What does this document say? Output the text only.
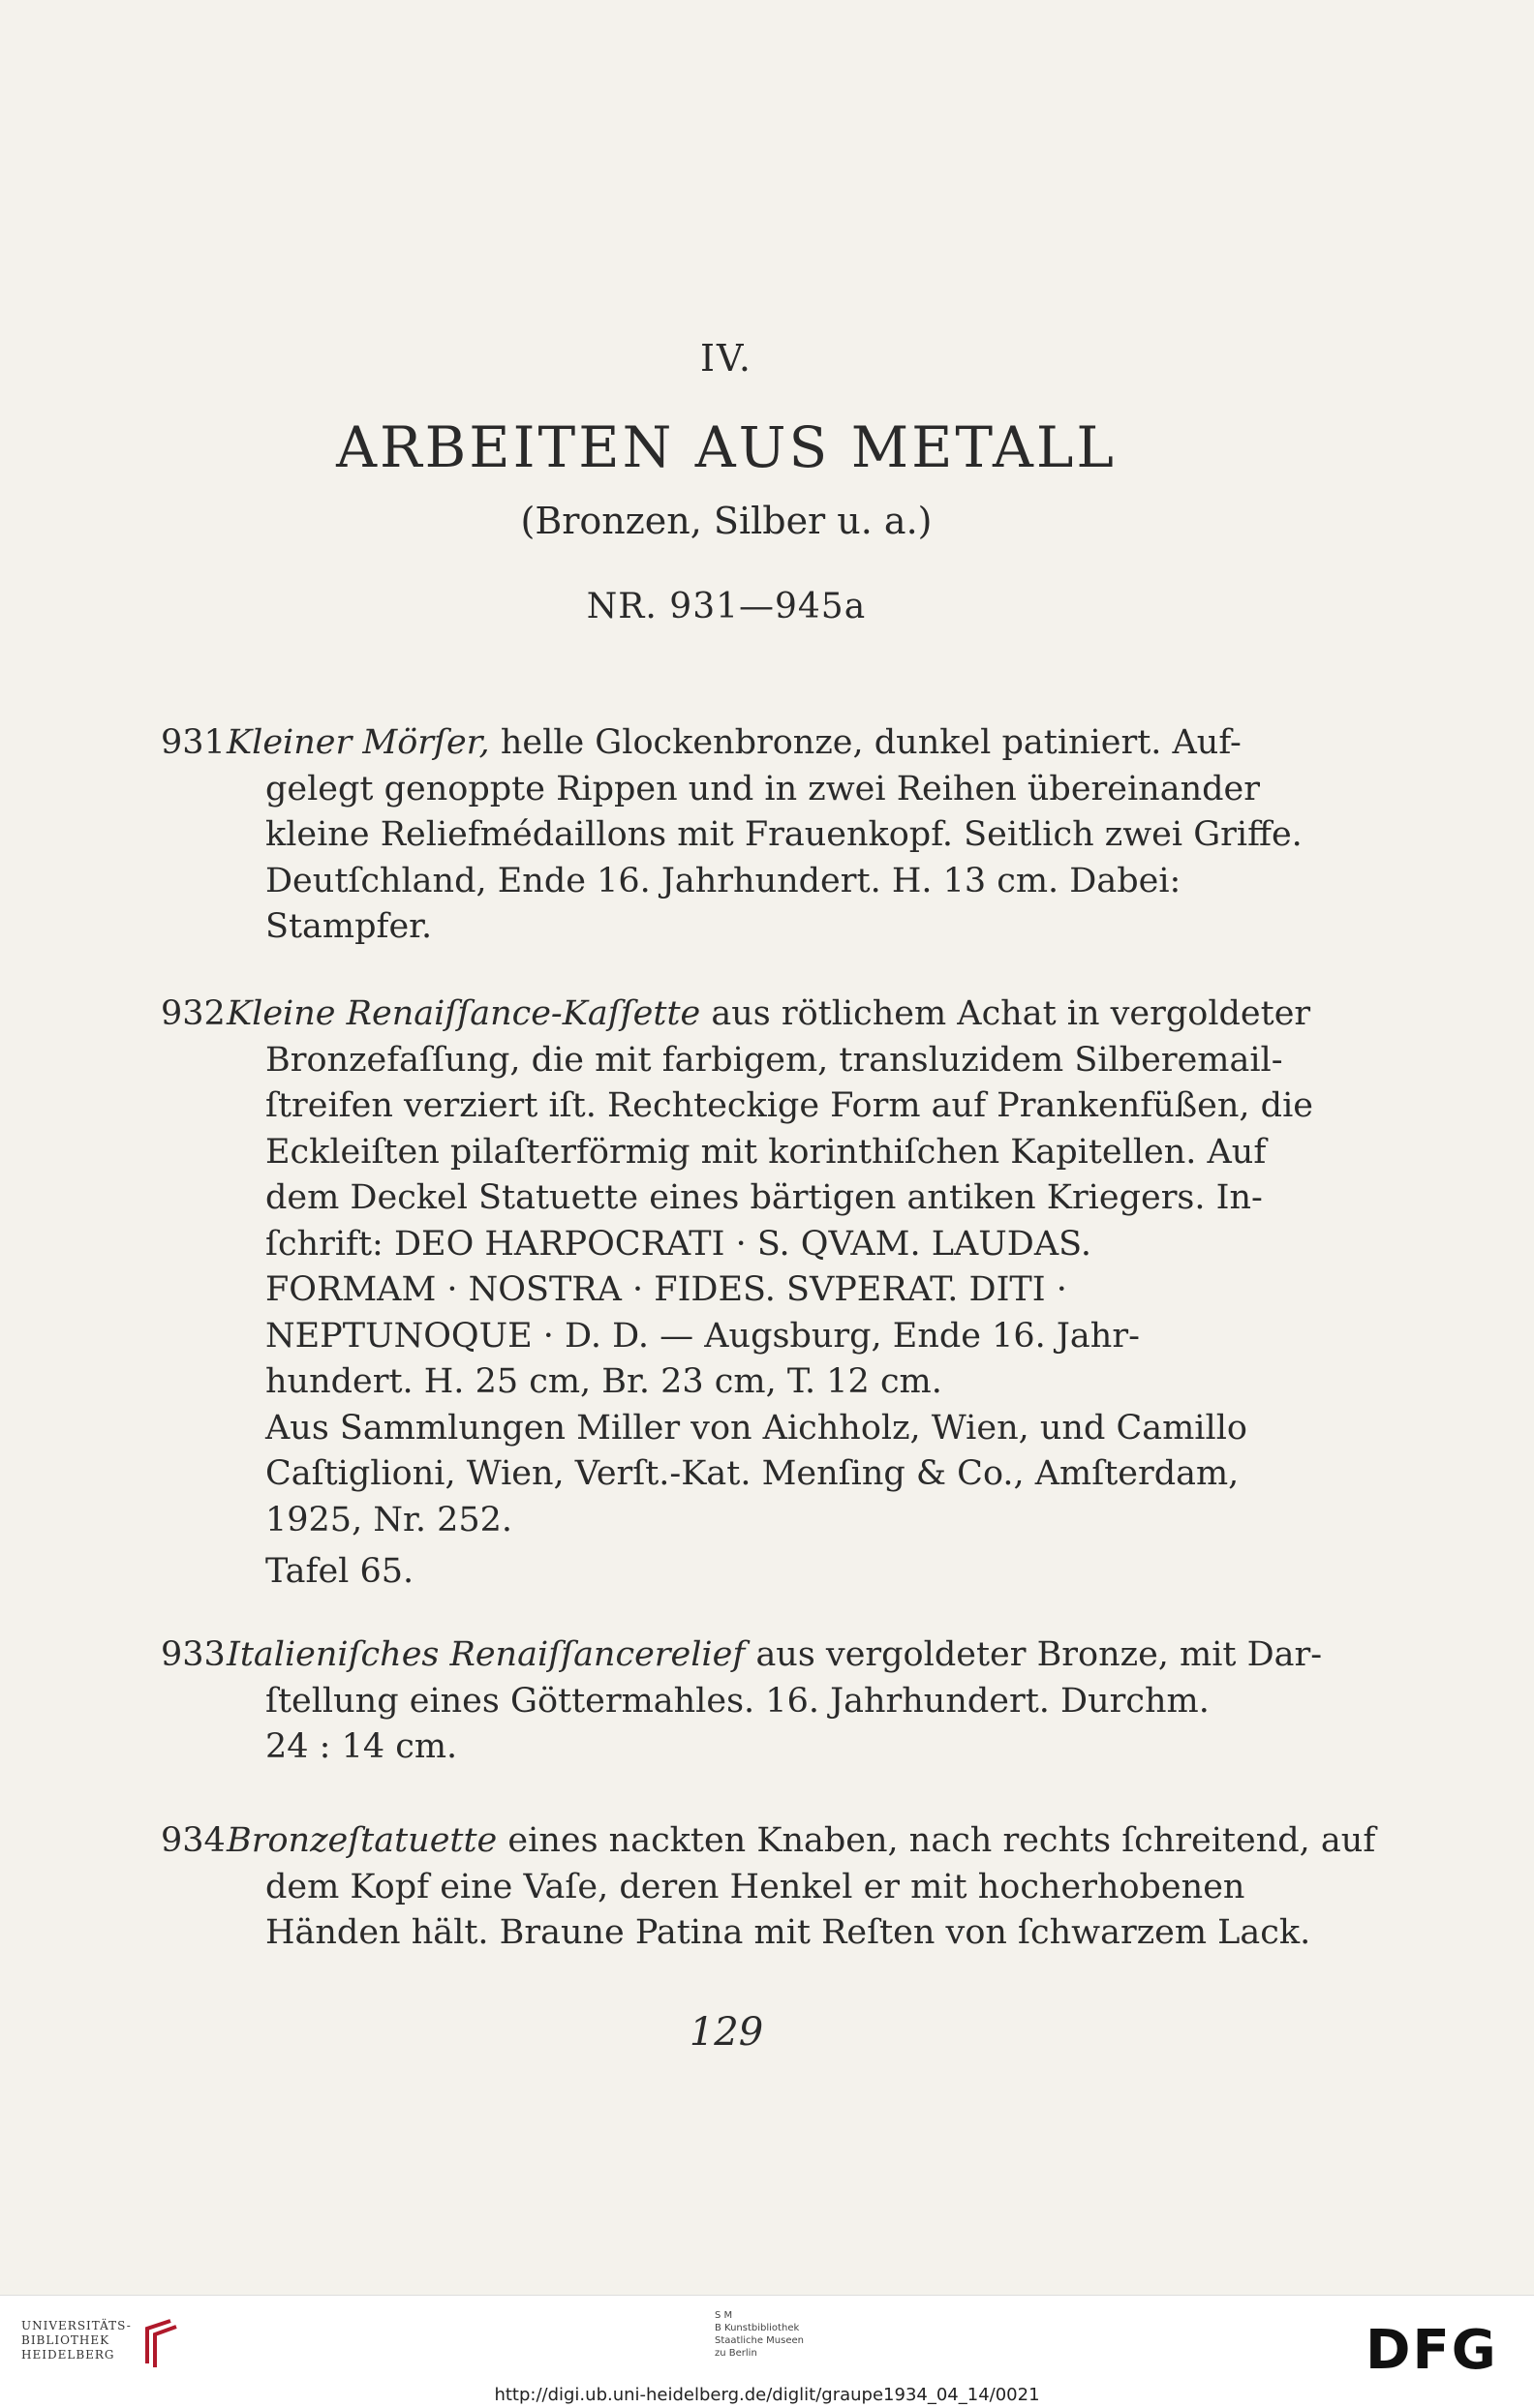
IV.
ARBEITEN AUS METALL
(Bronzen, Silber u. a.)
NR. 931—945a
931Kleiner Mörſer, helle Glockenbronze, dunkel patiniert. Auf-
gelegt genoppte Rippen und in zwei Reihen übereinander
kleine Reliefmédaillons mit Frauenkopf. Seitlich zwei Griffe.
Deutſchland, Ende 16. Jahrhundert. H. 13 cm. Dabei:
Stampfer.
932Kleine Renaiſſance-Kaſſette aus rötlichem Achat in vergoldeter
Bronzefaſſung, die mit farbigem, transluzidem Silberemail-
ſtreifen verziert iſt. Rechteckige Form auf Prankenfüßen, die
Eckleiſten pilaſterförmig mit korinthiſchen Kapitellen. Auf
dem Deckel Statuette eines bärtigen antiken Kriegers. In-
ſchrift: DEO HARPOCRATI · S. QVAM. LAUDAS.
FORMAM · NOSTRA · FIDES. SVPERAT. DITI ·
NEPTUNOQUE · D. D. — Augsburg, Ende 16. Jahr-
hundert. H. 25 cm, Br. 23 cm, T. 12 cm.
Aus Sammlungen Miller von Aichholz, Wien, und Camillo
Caſtiglioni, Wien, Verſt.-Kat. Menſing & Co., Amſterdam,
1925, Nr. 252.
Tafel 65.
933Italieniſches Renaiſſancerelief aus vergoldeter Bronze, mit Dar-
ſtellung eines Göttermahles. 16. Jahrhundert. Durchm.
24 : 14 cm.
934Bronzeſtatuette eines nackten Knaben, nach rechts ſchreitend, auf
dem Kopf eine Vaſe, deren Henkel er mit hocherhobenen
Händen hält. Braune Patina mit Reſten von ſchwarzem Lack.
129
UNIVERSITÄTS-
BIBLIOTHEK
HEIDELBERG
S M
B Kunstbibliothek
Staatliche Museen
zu Berlin	DFG
http://digi.ub.uni-heidelberg.de/diglit/graupe1934_04_14/0021
